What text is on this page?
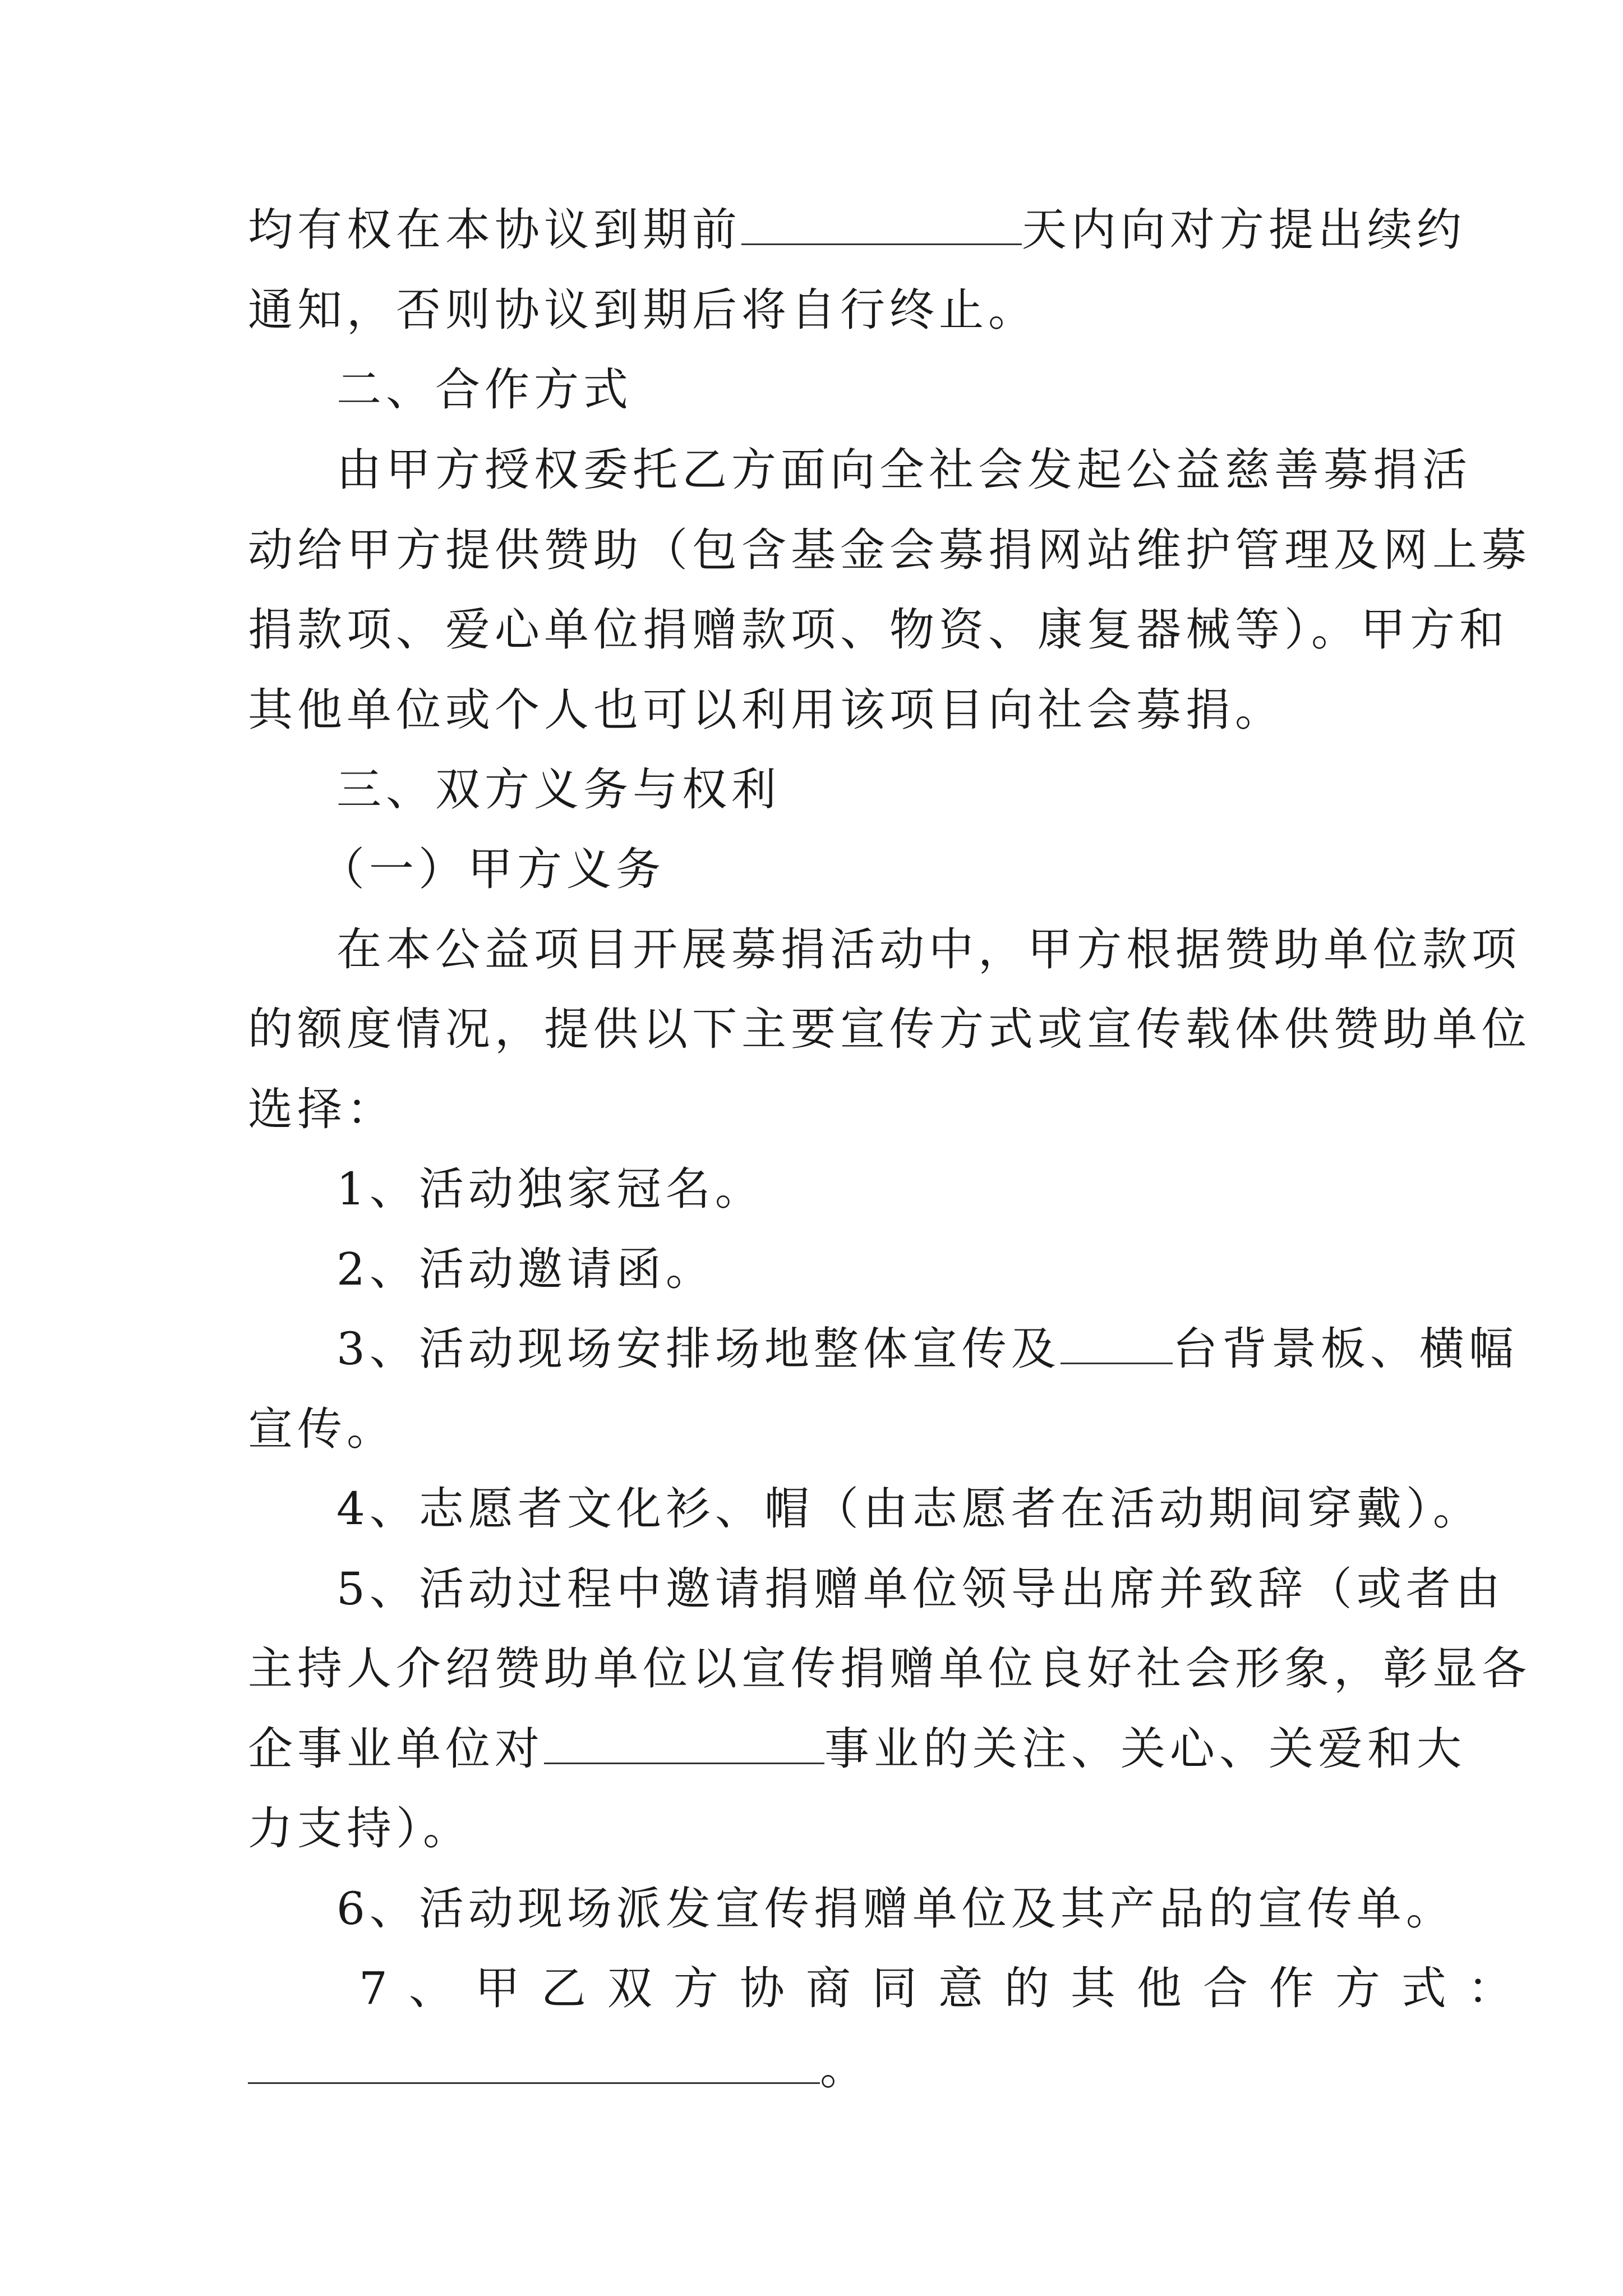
均有权在本协议到期前	天内向对方提出续约
通知，否则协议到期后将自行终止。
二、合作方式
由甲方授权委托乙方面向全社会发起公益慈善募捐活
动给甲方提供赞助（包含基金会募捐网站维护管理及网上募
捐款项、爱心单位捐赠款项、物资、康复器械等）。甲方和
其他单位或个人也可以利用该项目向社会募捐。
三、双方义务与权利
（一）甲方义务
在本公益项目开展募捐活动中，甲方根据赞助单位款项
的额度情况，提供以下主要宣传方式或宣传载体供赞助单位
选择：
1、活动独家冠名。
2、活动邀请函。
3、活动现场安排场地整体宣传及	台背景板、横幅
宣传。
4、志愿者文化衫、帽（由志愿者在活动期间穿戴）。
5、活动过程中邀请捐赠单位领导出席并致辞（或者由
主持人介绍赞助单位以宣传捐赠单位良好社会形象，彰显各
企事业单位对	事业的关注、关心、关爱和大
力支持）。
6、活动现场派发宣传捐赠单位及其产品的宣传单。
7、甲乙双方协商同意的其他合作方式：
。
